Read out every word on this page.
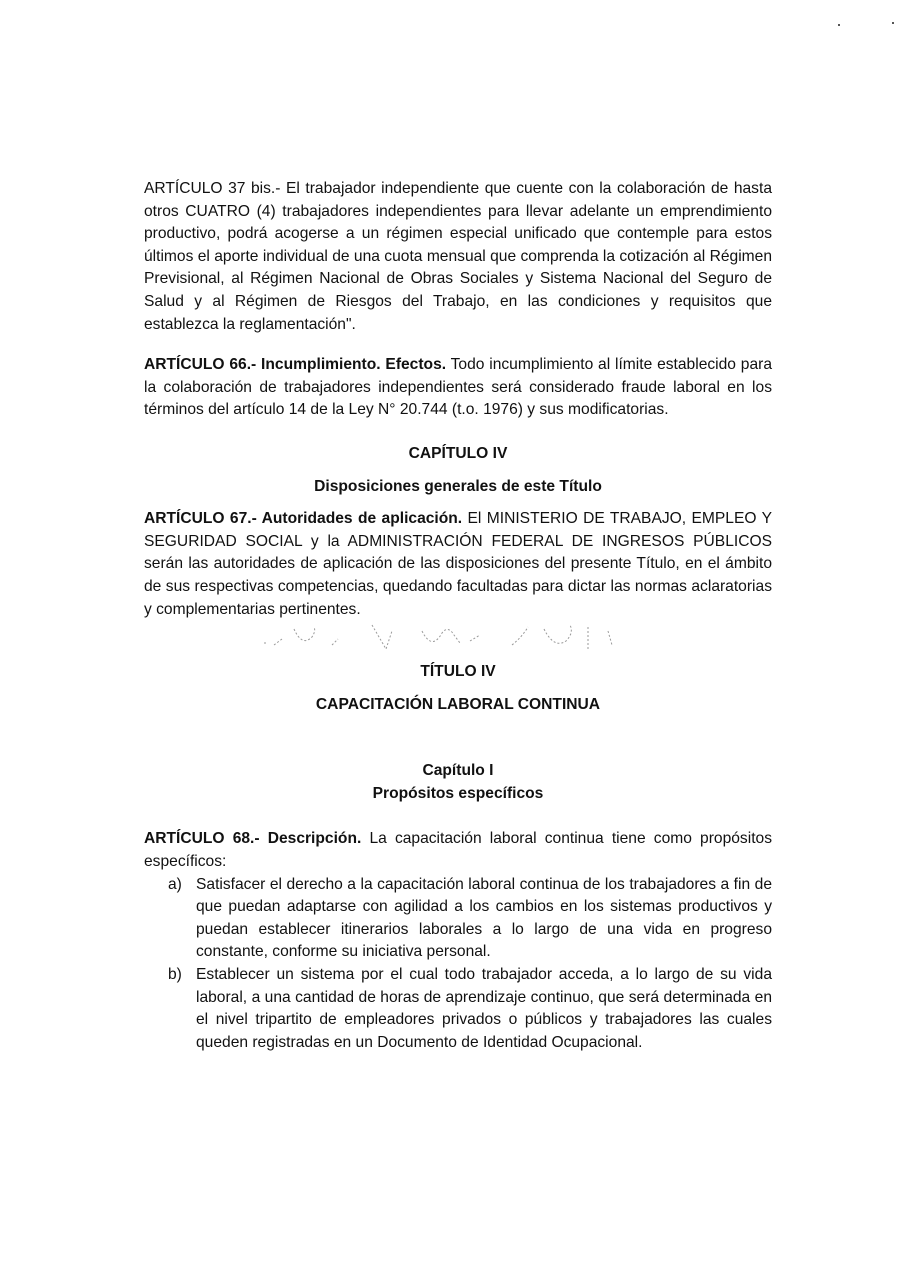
ARTÍCULO 37 bis.- El trabajador independiente que cuente con la colaboración de hasta otros CUATRO (4) trabajadores independientes para llevar adelante un emprendimiento productivo, podrá acogerse a un régimen especial unificado que contemple para estos últimos el aporte individual de una cuota mensual que comprenda la cotización al Régimen Previsional, al Régimen Nacional de Obras Sociales y Sistema Nacional del Seguro de Salud y al Régimen de Riesgos del Trabajo, en las condiciones y requisitos que establezca la reglamentación".

ARTÍCULO 66.- Incumplimiento. Efectos. Todo incumplimiento al límite establecido para la colaboración de trabajadores independientes será considerado fraude laboral en los términos del artículo 14 de la Ley N° 20.744 (t.o. 1976) y sus modificatorias.

CAPÍTULO IV
Disposiciones generales de este Título

ARTÍCULO 67.- Autoridades de aplicación. El MINISTERIO DE TRABAJO, EMPLEO Y SEGURIDAD SOCIAL y la ADMINISTRACIÓN FEDERAL DE INGRESOS PÚBLICOS serán las autoridades de aplicación de las disposiciones del presente Título, en el ámbito de sus respectivas competencias, quedando facultadas para dictar las normas aclaratorias y complementarias pertinentes.

TÍTULO IV
CAPACITACIÓN LABORAL CONTINUA
Capítulo I
Propósitos específicos

ARTÍCULO 68.- Descripción. La capacitación laboral continua tiene como propósitos específicos:

a) Satisfacer el derecho a la capacitación laboral continua de los trabajadores a fin de que puedan adaptarse con agilidad a los cambios en los sistemas productivos y puedan establecer itinerarios laborales a lo largo de una vida en progreso constante, conforme su iniciativa personal.
b) Establecer un sistema por el cual todo trabajador acceda, a lo largo de su vida laboral, a una cantidad de horas de aprendizaje continuo, que será determinada en el nivel tripartito de empleadores privados o públicos y trabajadores las cuales queden registradas en un Documento de Identidad Ocupacional.
